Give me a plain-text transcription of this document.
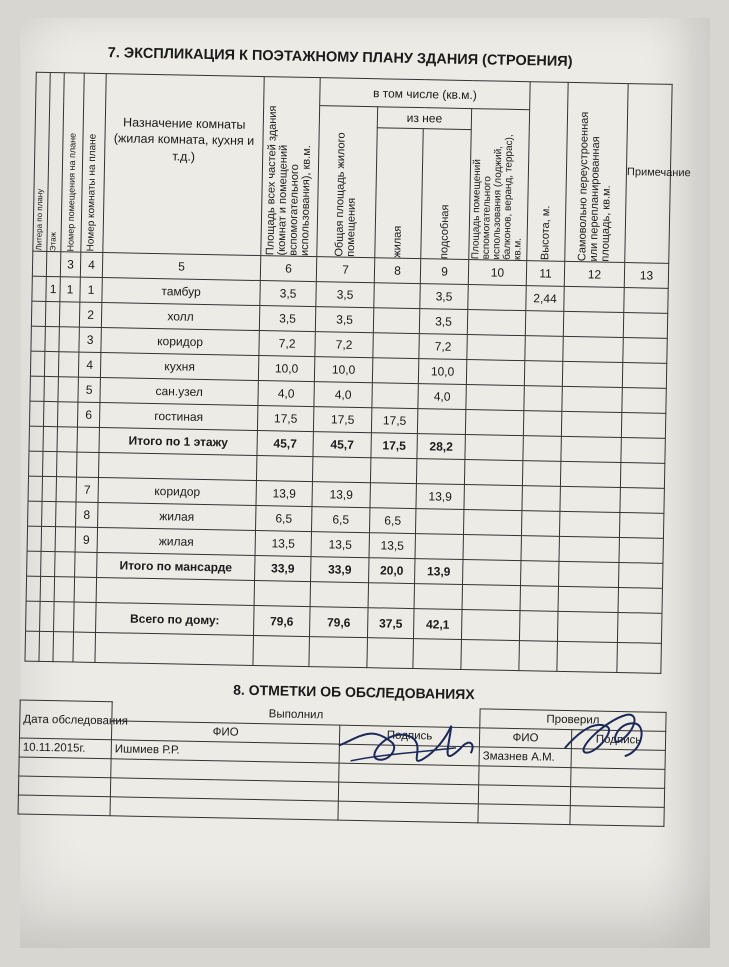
7. ЭКСПЛИКАЦИЯ К ПОЭТАЖНОМУ ПЛАНУ ЗДАНИЯ (СТРОЕНИЯ)
Литера по плану	Этаж	Номер помещения на плане	Номер комнаты на плане	Назначение комнаты (жилая комната, кухня и т.д.)	Площадь всех частей здания (комнат и помещений вспомогательного использования), кв.м.	в том числе (кв.м.)				Высота, м.	Самовольно переустроенная или перепланированная площадь, кв.м.	Примечание

						Общая площадь жилого помещения	из нее		Площадь помещений вспомогательного использования (лоджий, балконов, веранд, террас), кв.м.			

							жилая	подсобная				

		3	4	5	6	7	8	9	10	11	12	13
	1	1	1	тамбур	3,5	3,5		3,5		2,44		
			2	холл	3,5	3,5		3,5				
			3	коридор	7,2	7,2		7,2				
			4	кухня	10,0	10,0		10,0				
			5	сан.узел	4,0	4,0		4,0				
			6	гостиная	17,5	17,5	17,5					
				Итого по 1 этажу	45,7	45,7	17,5	28,2				

			7	коридор	13,9	13,9		13,9				
			8	жилая	6,5	6,5	6,5					
			9	жилая	13,5	13,5	13,5					
				Итого по мансарде	33,9	33,9	20,0	13,9				

				Всего по дому:	79,6	79,6	37,5	42,1				

8. ОТМЕТКИ ОБ ОБСЛЕДОВАНИЯХ
Дата обследования	Выполнил		Проверил	
	ФИО	Подпись	ФИО	Подпись
10.11.2015г.	Ишмиев Р.Р.		Змазнев А.М.	
